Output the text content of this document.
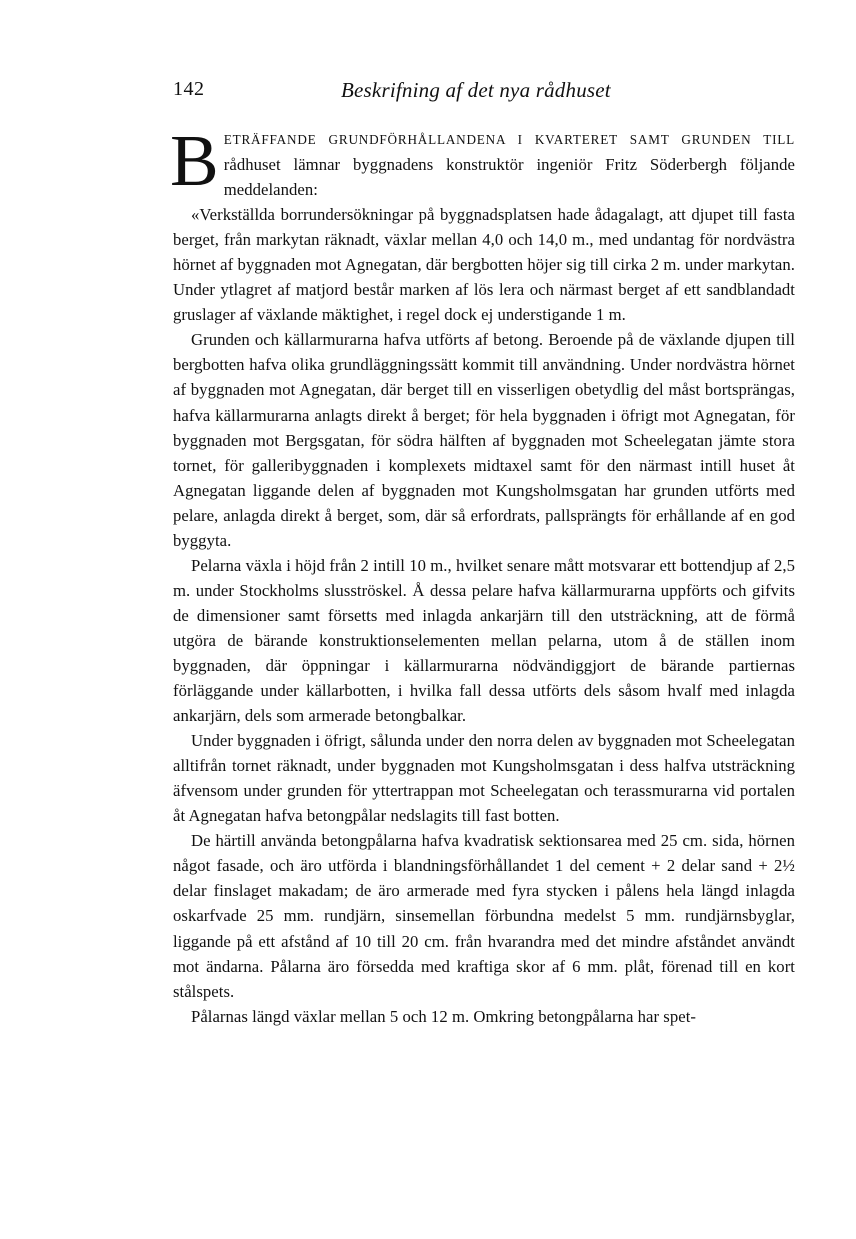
142	Beskrifning af det nya rådhuset

BETRÄFFANDE GRUNDFÖRHÅLLANDENA I KVARTERET SAMT GRUNDEN TILL rådhuset lämnar byggnadens konstruktör ingeniör Fritz Söderbergh följande meddelanden:

«Verkställda borrundersökningar på byggnadsplatsen hade ådagalagt, att djupet till fasta berget, från markytan räknadt, växlar mellan 4,0 och 14,0 m., med undantag för nordvästra hörnet af byggnaden mot Agnegatan, där bergbotten höjer sig till cirka 2 m. under markytan. Under ytlagret af matjord består marken af lös lera och närmast berget af ett sandblandadt gruslager af växlande mäktighet, i regel dock ej understigande 1 m.

Grunden och källarmurarna hafva utförts af betong. Beroende på de växlande djupen till bergbotten hafva olika grundläggningssätt kommit till användning. Under nordvästra hörnet af byggnaden mot Agnegatan, där berget till en visserligen obetydlig del måst bortsprängas, hafva källarmurarna anlagts direkt å berget; för hela byggnaden i öfrigt mot Agnegatan, för byggnaden mot Bergsgatan, för södra hälften af byggnaden mot Scheelegatan jämte stora tornet, för galleribyggnaden i komplexets midtaxel samt för den närmast intill huset åt Agnegatan liggande delen af byggnaden mot Kungsholmsgatan har grunden utförts med pelare, anlagda direkt å berget, som, där så erfordrats, pallsprängts för erhållande af en god byggyta.

Pelarna växla i höjd från 2 intill 10 m., hvilket senare mått motsvarar ett bottendjup af 2,5 m. under Stockholms slusströskel. Å dessa pelare hafva källarmurarna uppförts och gifvits de dimensioner samt försetts med inlagda ankarjärn till den utsträckning, att de förmå utgöra de bärande konstruktionselementen mellan pelarna, utom å de ställen inom byggnaden, där öppningar i källarmurarna nödvändiggjort de bärande partiernas förläggande under källarbotten, i hvilka fall dessa utförts dels såsom hvalf med inlagda ankarjärn, dels som armerade betongbalkar.

Under byggnaden i öfrigt, sålunda under den norra delen av byggnaden mot Scheelegatan alltifrån tornet räknadt, under byggnaden mot Kungsholmsgatan i dess halfva utsträckning äfvensom under grunden för yttertrappan mot Scheelegatan och terassmurarna vid portalen åt Agnegatan hafva betongpålar nedslagits till fast botten.

De härtill använda betongpålarna hafva kvadratisk sektionsarea med 25 cm. sida, hörnen något fasade, och äro utförda i blandningsförhållandet 1 del cement + 2 delar sand + 2½ delar finslaget makadam; de äro armerade med fyra stycken i pålens hela längd inlagda oskarfvade 25 mm. rundjärn, sinsemellan förbundna medelst 5 mm. rundjärnsbyglar, liggande på ett afstånd af 10 till 20 cm. från hvarandra med det mindre afståndet användt mot ändarna. Pålarna äro försedda med kraftiga skor af 6 mm. plåt, förenad till en kort stålspets.

Pålarnas längd växlar mellan 5 och 12 m. Omkring betongpålarna har spet-
